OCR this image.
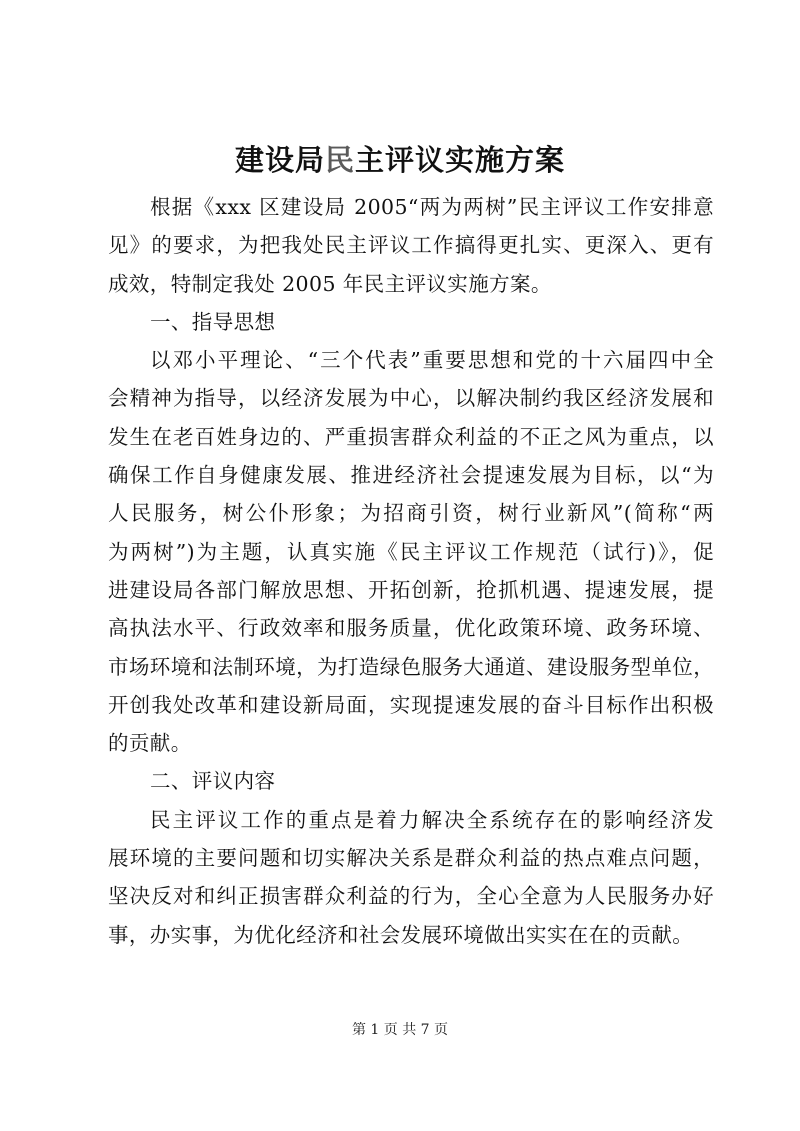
建设局民主评议实施方案
根据《xxx 区建设局 2005“两为两树”民主评议工作安排意
见》的要求，为把我处民主评议工作搞得更扎实、更深入、更有
成效，特制定我处 2005 年民主评议实施方案。
一、指导思想
以邓小平理论、“三个代表”重要思想和党的十六届四中全
会精神为指导，以经济发展为中心，以解决制约我区经济发展和
发生在老百姓身边的、严重损害群众利益的不正之风为重点，以
确保工作自身健康发展、推进经济社会提速发展为目标，以“为
人民服务，树公仆形象；为招商引资，树行业新风”(简称“两
为两树”)为主题，认真实施《民主评议工作规范（试行)》，促
进建设局各部门解放思想、开拓创新，抢抓机遇、提速发展，提
高执法水平、行政效率和服务质量，优化政策环境、政务环境、
市场环境和法制环境，为打造绿色服务大通道、建设服务型单位，
开创我处改革和建设新局面，实现提速发展的奋斗目标作出积极
的贡献。
二、评议内容
民主评议工作的重点是着力解决全系统存在的影响经济发
展环境的主要问题和切实解决关系是群众利益的热点难点问题，
坚决反对和纠正损害群众利益的行为，全心全意为人民服务办好
事，办实事，为优化经济和社会发展环境做出实实在在的贡献。
第 1 页 共 7 页
